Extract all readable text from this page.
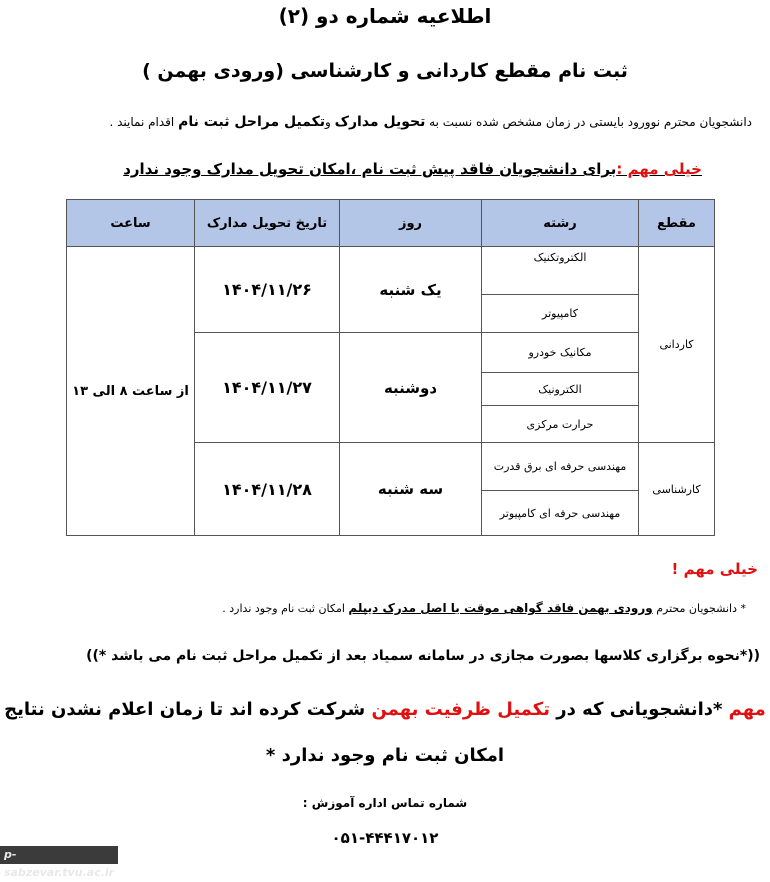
اطلاعیه شماره دو (۲)
ثبت نام مقطع کاردانی و کارشناسی (ورودی بهمن )
دانشجویان محترم نوورود بایستی در زمان مشخص شده نسبت به تحویل مدارک وتکمیل مراحل ثبت نام اقدام نمایند .
خیلی مهم :برای دانشجویان فاقد پیش ثبت نام ،امکان تحویل مدارک وجود ندارد
مقطع	رشته	روز	تاریخ تحویل مدارک	ساعت
کاردانی	الکتروتکنیک	یک شنبه	۱۴۰۴/۱۱/۲۶	از ساعت ۸ الی ۱۳
	کامپیوتر			
	مکانیک خودرو	دوشنبه	۱۴۰۴/۱۱/۲۷	
	الکترونیک			
	حرارت مرکزی			
کارشناسی	مهندسی حرفه ای برق قدرت	سه شنبه	۱۴۰۴/۱۱/۲۸	
	مهندسی حرفه ای کامپیوتر			
خیلی مهم !
* دانشجویان محترم ورودی بهمن فاقد گواهی موقت یا اصل مدرک دیپلم امکان ثبت نام وجود ندارد .
((*نحوه برگزاری کلاسها بصورت مجازی در سامانه سمیاد بعد از تکمیل مراحل ثبت نام می باشد *))
مهم *دانشجویانی که در تکمیل ظرفیت بهمن شرکت کرده اند تا زمان اعلام نشدن نتایج
امکان ثبت نام وجود ندارد *
شماره تماس اداره آموزش :
۰۵۱-۴۴۴۱۷۰۱۲
p-sabzevar.tvu.ac.ir
